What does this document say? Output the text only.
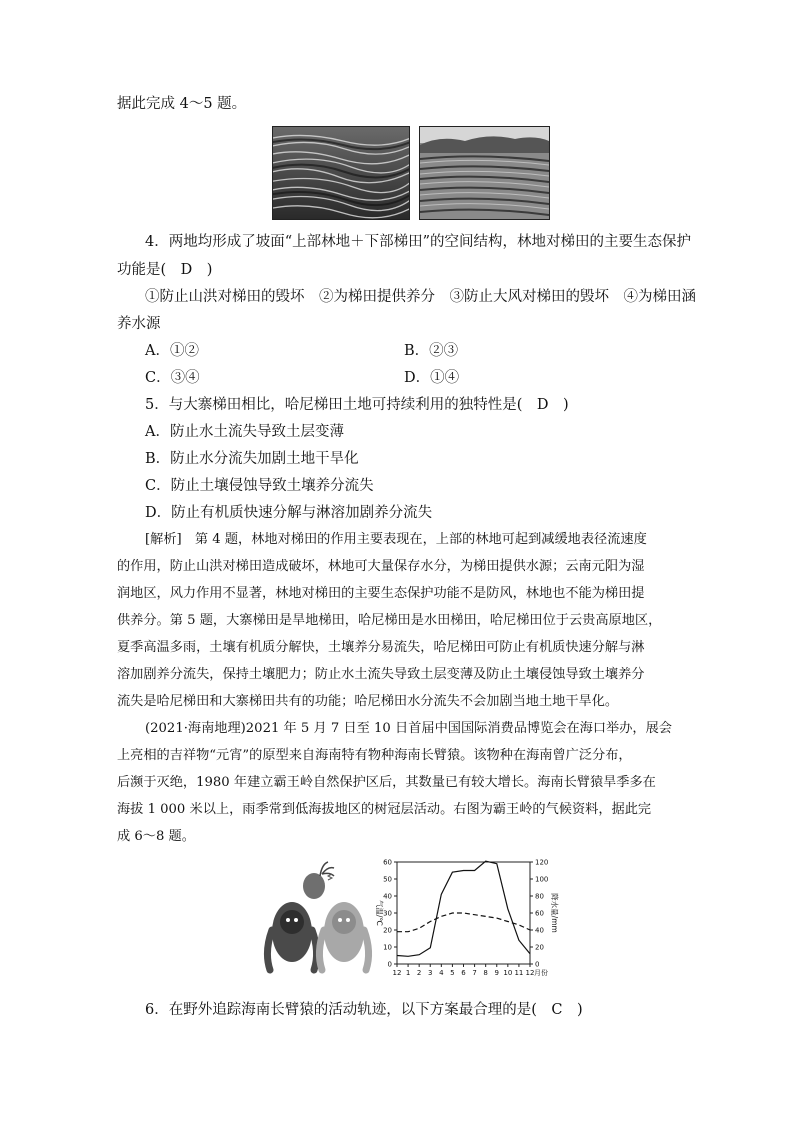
据此完成 4～5 题。
4．两地均形成了坡面“上部林地＋下部梯田”的空间结构，林地对梯田的主要生态保护
功能是(　D　)
①防止山洪对梯田的毁坏　②为梯田提供养分　③防止大风对梯田的毁坏　④为梯田涵
养水源
A．①②	B．②③
C．③④	D．①④
5．与大寨梯田相比，哈尼梯田土地可持续利用的独特性是(　D　)
A．防止水土流失导致土层变薄
B．防止水分流失加剧土地干旱化
C．防止土壤侵蚀导致土壤养分流失
D．防止有机质快速分解与淋溶加剧养分流失
[解析]　第 4 题，林地对梯田的作用主要表现在，上部的林地可起到减缓地表径流速度
的作用，防止山洪对梯田造成破坏，林地可大量保存水分，为梯田提供水源；云南元阳为湿
润地区，风力作用不显著，林地对梯田的主要生态保护功能不是防风，林地也不能为梯田提
供养分。第 5 题，大寨梯田是旱地梯田，哈尼梯田是水田梯田，哈尼梯田位于云贵高原地区，
夏季高温多雨，土壤有机质分解快，土壤养分易流失，哈尼梯田可防止有机质快速分解与淋
溶加剧养分流失，保持土壤肥力；防止水土流失导致土层变薄及防止土壤侵蚀导致土壤养分
流失是哈尼梯田和大寨梯田共有的功能；哈尼梯田水分流失不会加剧当地土地干旱化。
(2021·海南地理)2021 年 5 月 7 日至 10 日首届中国国际消费品博览会在海口举办，展会
上亮相的吉祥物“元宵”的原型来自海南特有物种海南长臂猿。该物种在海南曾广泛分布，
后濒于灭绝，1980 年建立霸王岭自然保护区后，其数量已有较大增长。海南长臂猿旱季多在
海拔 1 000 米以上，雨季常到低海拔地区的树冠层活动。右图为霸王岭的气候资料，据此完
成 6～8 题。
0
10
20
30
40
50
60
0
20
40
60
80
100
120
12 1 2 3 4 5 6 7 8 9 10 11 12 月份
气温/℃	降水量/mm
6．在野外追踪海南长臂猿的活动轨迹，以下方案最合理的是(　C　)
